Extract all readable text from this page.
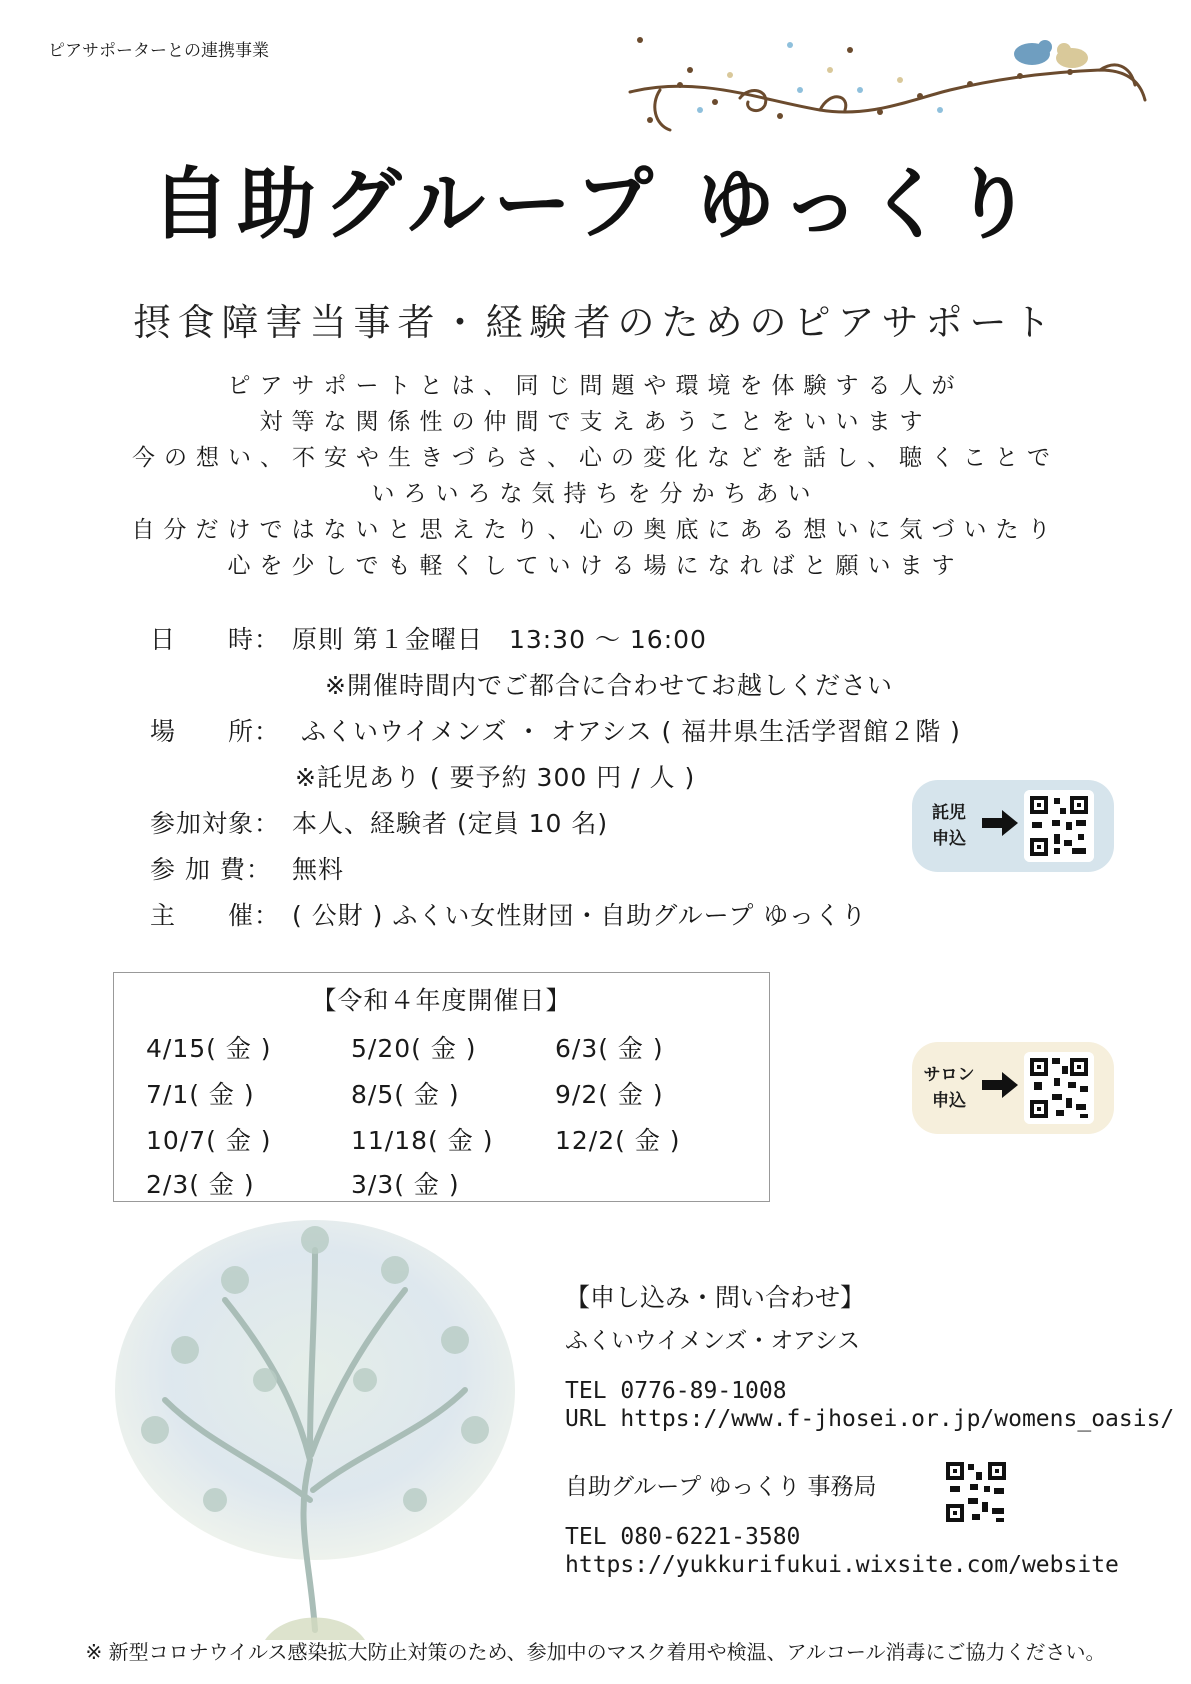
ピアサポーターとの連携事業
自助グループ ゆっくり
摂食障害当事者・経験者のためのピアサポート
ピアサポートとは、同じ問題や環境を体験する人が
対等な関係性の仲間で支えあうことをいいます
今の想い、不安や生きづらさ、心の変化などを話し、聴くことで
いろいろな気持ちを分かちあい
自分だけではないと思えたり、心の奥底にある想いに気づいたり
心を少しでも軽くしていける場になればと願います
日　　時： 原則 第１金曜日　13:30 ～ 16:00
※開催時間内でご都合に合わせてお越しください
場　　所： ふくいウイメンズ ・ オアシス ( 福井県生活学習館２階 )
※託児あり ( 要予約 300 円 / 人 )
参加対象： 本人、経験者 (定員 10 名)
参 加 費： 無料
主　　催： ( 公財 ) ふくい女性財団・自助グループ ゆっくり
託児
申込
【令和４年度開催日】
4/15( 金 )	5/20( 金 )	6/3( 金 )
7/1( 金 )	8/5( 金 )	9/2( 金 )
10/7( 金 )	11/18( 金 ) 12/2( 金 )
2/3( 金 )	3/3( 金 )
サロン
申込
【申し込み・問い合わせ】
ふくいウイメンズ・オアシス
TEL 0776-89-1008
URL https://www.f-jhosei.or.jp/womens_oasis/
自助グループ ゆっくり 事務局
TEL 080-6221-3580
https://yukkurifukui.wixsite.com/website
※ 新型コロナウイルス感染拡大防止対策のため、参加中のマスク着用や検温、アルコール消毒にご協力ください。
